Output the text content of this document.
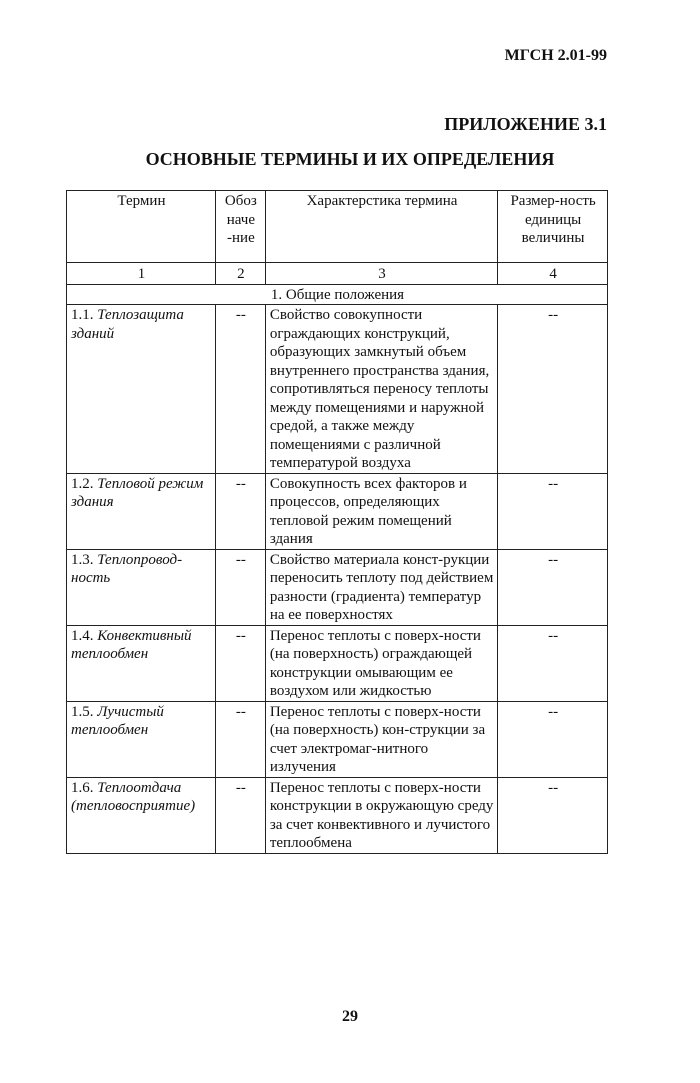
МГСН 2.01-99
ПРИЛОЖЕНИЕ 3.1
ОСНОВНЫЕ ТЕРМИНЫ И ИХ ОПРЕДЕЛЕНИЯ
Термин	Обоз наче -ние	Характерстика термина	Размер-ность единицы величины
1	2	3	4
1. Общие положения			
1.1. Теплозащита зданий	--	Свойство совокупности ограждающих конструкций, образующих замкнутый объем внутреннего пространства здания, сопротивляться переносу теплоты между помещениями и наружной средой, а также между помещениями с различной температурой воздуха	--
1.2. Тепловой режим здания	--	Совокупность всех факторов и процессов, определяющих тепловой режим помещений здания	--
1.3. Теплопровод-ность	--	Свойство материала конст-рукции переносить теплоту под действием разности (градиента) температур на ее поверхностях	--
1.4. Конвективный теплообмен	--	Перенос теплоты с поверх-ности (на поверхность) ограждающей конструкции омывающим ее воздухом или жидкостью	--
1.5. Лучистый теплообмен	--	Перенос теплоты с поверх-ности (на поверхность) кон-струкции за счет электромаг-нитного излучения	--
1.6. Теплоотдача (тепловосприятие)	--	Перенос теплоты с поверх-ности конструкции в окружающую среду за счет конвективного и лучистого теплообмена	--
29
